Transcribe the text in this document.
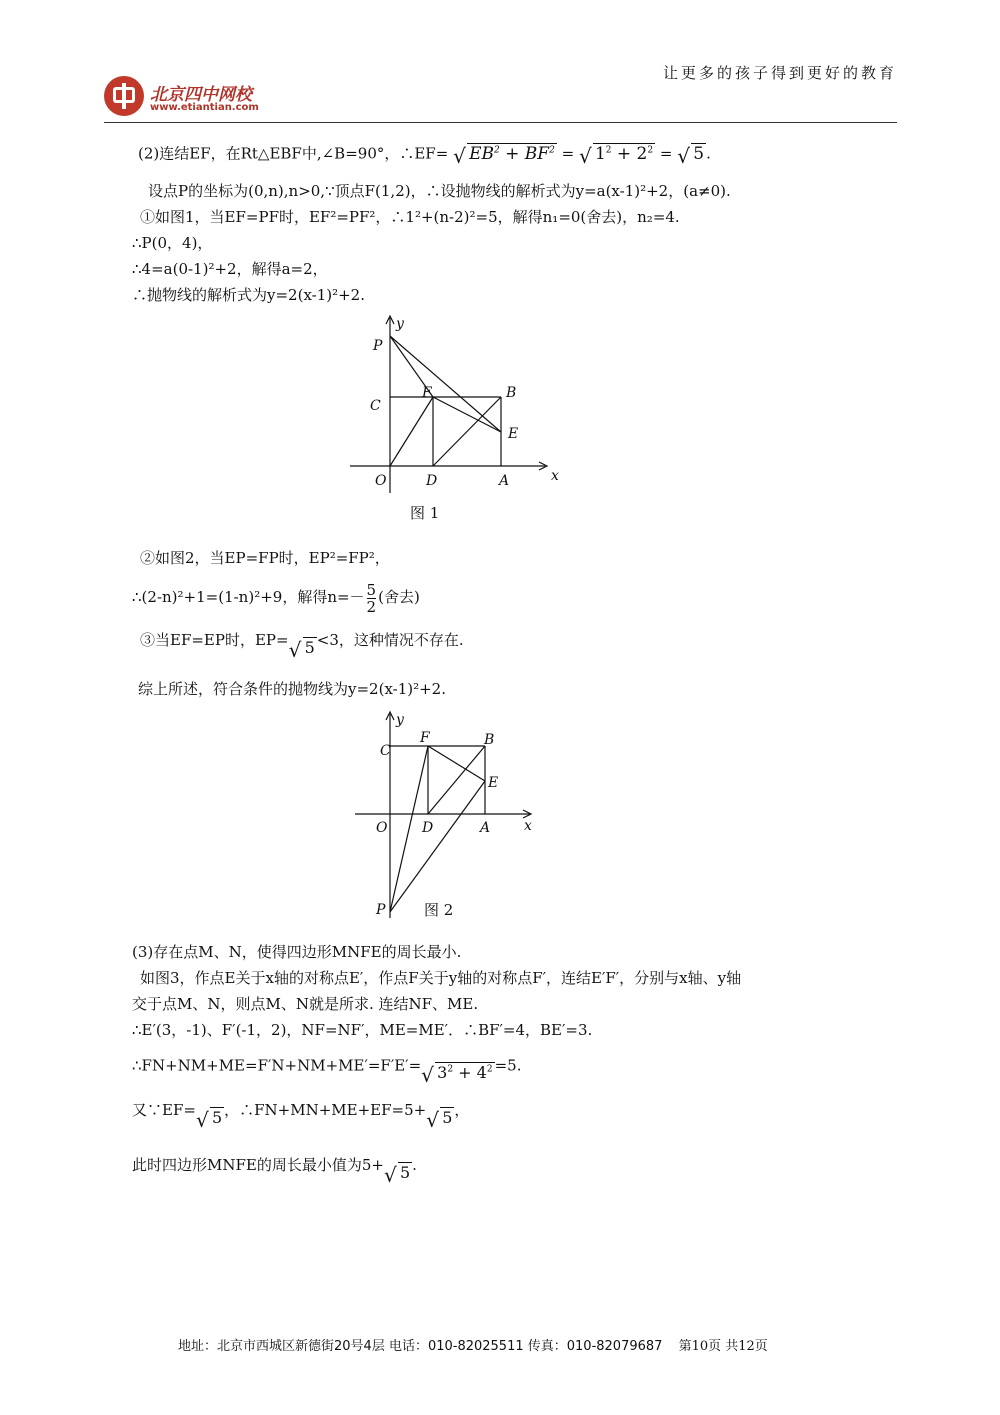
北京四中网校
www.etiantian.com
让更多的孩子得到更好的教育
(2)连结EF，在Rt△EBF中,∠B=90°，∴EF= √ $EB^2 + BF^2$ = √ $1^2 + 2^2$ = √ 5 .
设点P的坐标为(0,n),n>0,∵顶点F(1,2)，∴设抛物线的解析式为y=a(x-1)²+2，(a≠0).
①如图1，当EF=PF时，EF²=PF²，∴1²+(n-2)²=5，解得n₁=0(舍去)，n₂=4.
∴P(0，4)，
∴4=a(0-1)²+2，解得a=2，
∴抛物线的解析式为y=2(x-1)²+2.
P
y
F	B
C
E
O	D	A	x
图 1
②如图2，当EP=FP时，EP²=FP²，
∴(2-n)²+1=(1-n)²+9，解得$n=- \frac{5}{2}$ (舍去)
③当EF=EP时，EP= √ 5 <3，这种情况不存在.
综上所述，符合条件的抛物线为y=2(x-1)²+2.
y
F	B
C
E
O D	A x
P	图 2
(3)存在点M、N，使得四边形MNFE的周长最小.
如图3，作点E关于x轴的对称点E′，作点F关于y轴的对称点F′，连结E′F′，分别与x轴、y轴
交于点M、N，则点M、N就是所求. 连结NF、ME.
∴E′(3，-1)、F′(-1，2)，NF=NF′，ME=ME′．∴BF′=4，BE′=3.
∴FN+NM+ME=F′N+NM+ME′=F′E′= √ $3^2 + 4^2 =5$.
又∵EF= √ 5 ，∴FN+MN+ME+EF=5+ √ 5 ，
此时四边形MNFE的周长最小值为5+ √ 5 .
地址：北京市西城区新德街20号4层 电话：010-82025511 传真：010-82079687 第10页 共12页
